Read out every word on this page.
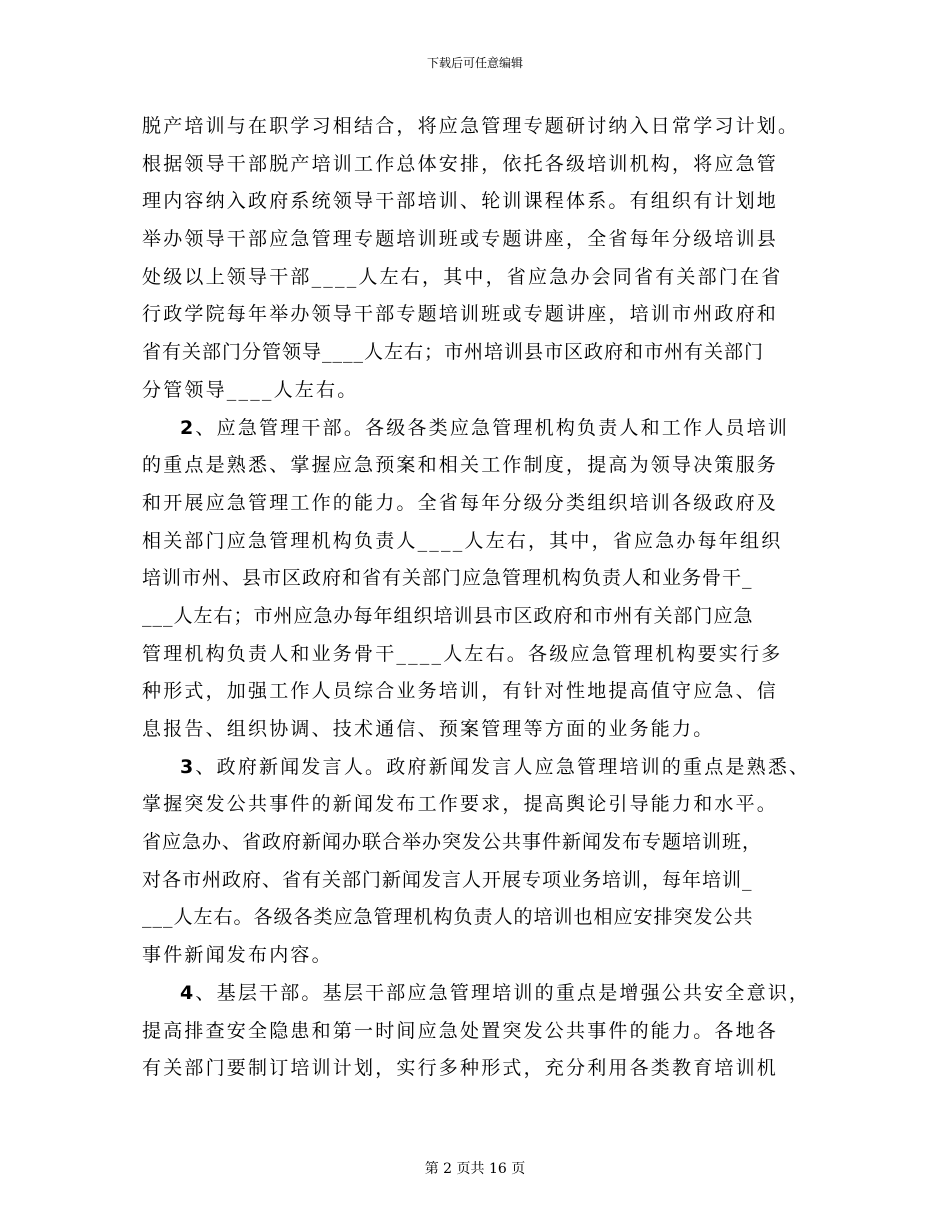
下载后可任意编辑
脱产培训与在职学习相结合，将应急管理专题研讨纳入日常学习计划。
根据领导干部脱产培训工作总体安排，依托各级培训机构，将应急管
理内容纳入政府系统领导干部培训、轮训课程体系。有组织有计划地
举办领导干部应急管理专题培训班或专题讲座，全省每年分级培训县
处级以上领导干部____人左右，其中，省应急办会同省有关部门在省
行政学院每年举办领导干部专题培训班或专题讲座，培训市州政府和
省有关部门分管领导____人左右；市州培训县市区政府和市州有关部门
分管领导____人左右。
2、应急管理干部。各级各类应急管理机构负责人和工作人员培训
的重点是熟悉、掌握应急预案和相关工作制度，提高为领导决策服务
和开展应急管理工作的能力。全省每年分级分类组织培训各级政府及
相关部门应急管理机构负责人____人左右，其中，省应急办每年组织
培训市州、县市区政府和省有关部门应急管理机构负责人和业务骨干_
___人左右；市州应急办每年组织培训县市区政府和市州有关部门应急
管理机构负责人和业务骨干____人左右。各级应急管理机构要实行多
种形式，加强工作人员综合业务培训，有针对性地提高值守应急、信
息报告、组织协调、技术通信、预案管理等方面的业务能力。
3、政府新闻发言人。政府新闻发言人应急管理培训的重点是熟悉、
掌握突发公共事件的新闻发布工作要求，提高舆论引导能力和水平。
省应急办、省政府新闻办联合举办突发公共事件新闻发布专题培训班，
对各市州政府、省有关部门新闻发言人开展专项业务培训，每年培训_
___人左右。各级各类应急管理机构负责人的培训也相应安排突发公共
事件新闻发布内容。
4、基层干部。基层干部应急管理培训的重点是增强公共安全意识，
提高排查安全隐患和第一时间应急处置突发公共事件的能力。各地各
有关部门要制订培训计划，实行多种形式，充分利用各类教育培训机
第 2 页共 16 页
